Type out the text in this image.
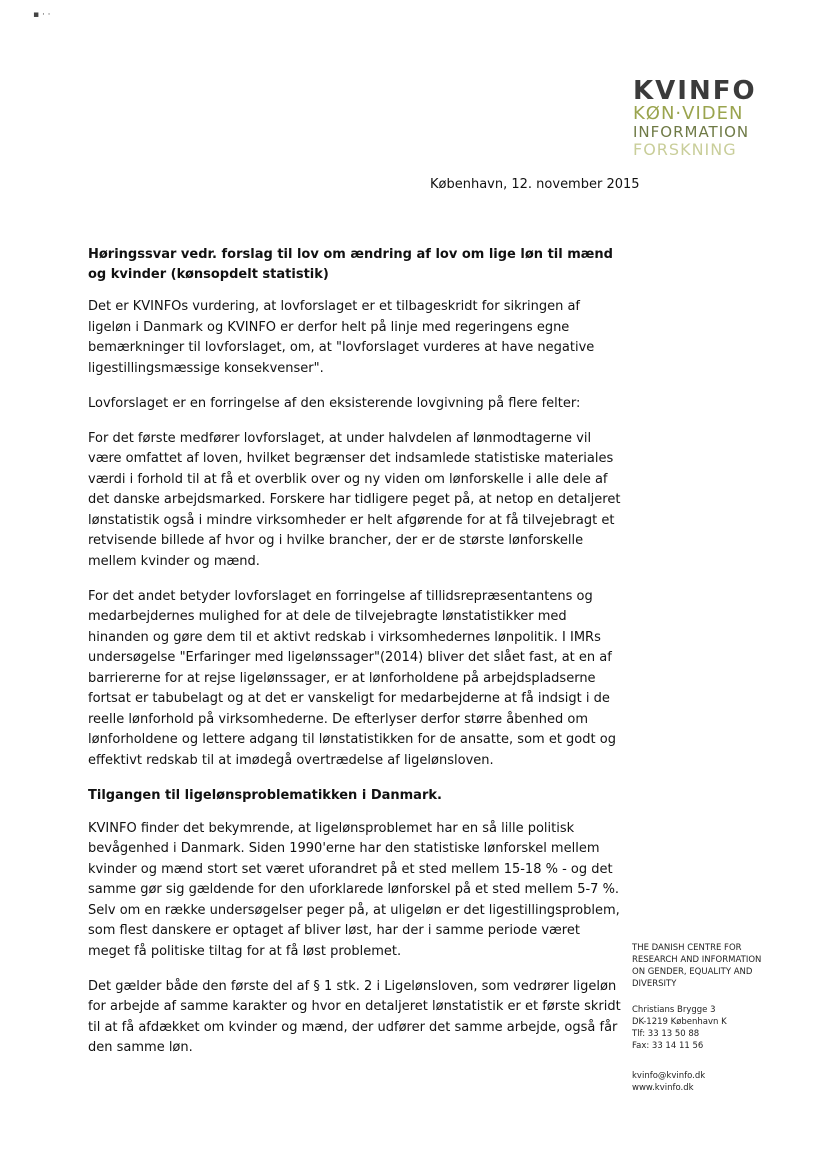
▪ · ·
KVINFO
KØN·VIDEN
INFORMATION
FORSKNING
København, 12. november 2015
Høringssvar vedr. forslag til lov om ændring af lov om lige løn til mænd og kvinder (kønsopdelt statistik)

Det er KVINFOs vurdering, at lovforslaget er et tilbageskridt for sikringen af ligeløn i Danmark og KVINFO er derfor helt på linje med regeringens egne bemærkninger til lovforslaget, om, at "lovforslaget vurderes at have negative ligestillingsmæssige konsekvenser".

Lovforslaget er en forringelse af den eksisterende lovgivning på flere felter:

For det første medfører lovforslaget, at under halvdelen af lønmodtagerne vil være omfattet af loven, hvilket begrænser det indsamlede statistiske materiales værdi i forhold til at få et overblik over og ny viden om lønforskelle i alle dele af det danske arbejdsmarked. Forskere har tidligere peget på, at netop en detaljeret lønstatistik også i mindre virksomheder er helt afgørende for at få tilvejebragt et retvisende billede af hvor og i hvilke brancher, der er de største lønforskelle mellem kvinder og mænd.

For det andet betyder lovforslaget en forringelse af tillidsrepræsentantens og medarbejdernes mulighed for at dele de tilvejebragte lønstatistikker med hinanden og gøre dem til et aktivt redskab i virksomhedernes lønpolitik. I IMRs undersøgelse "Erfaringer med ligelønssager"(2014) bliver det slået fast, at en af barriererne for at rejse ligelønssager, er at lønforholdene på arbejdspladserne fortsat er tabubelagt og at det er vanskeligt for medarbejderne at få indsigt i de reelle lønforhold på virksomhederne. De efterlyser derfor større åbenhed om lønforholdene og lettere adgang til lønstatistikken for de ansatte, som et godt og effektivt redskab til at imødegå overtrædelse af ligelønsloven.

Tilgangen til ligelønsproblematikken i Danmark.

KVINFO finder det bekymrende, at ligelønsproblemet har en så lille politisk bevågenhed i Danmark. Siden 1990'erne har den statistiske lønforskel mellem kvinder og mænd stort set været uforandret på et sted mellem 15-18 % - og det samme gør sig gældende for den uforklarede lønforskel på et sted mellem 5-7 %. Selv om en række undersøgelser peger på, at uligeløn er det ligestillingsproblem, som flest danskere er optaget af bliver løst, har der i samme periode været meget få politiske tiltag for at få løst problemet.

Det gælder både den første del af § 1 stk. 2 i Ligelønsloven, som vedrører ligeløn for arbejde af samme karakter og hvor en detaljeret lønstatistik er et første skridt til at få afdækket om kvinder og mænd, der udfører det samme arbejde, også får den samme løn.

THE DANISH CENTRE FOR
RESEARCH AND INFORMATION
ON GENDER, EQUALITY AND
DIVERSITY
Christians Brygge 3
DK-1219 København K
Tlf: 33 13 50 88
Fax: 33 14 11 56
kvinfo@kvinfo.dk
www.kvinfo.dk
